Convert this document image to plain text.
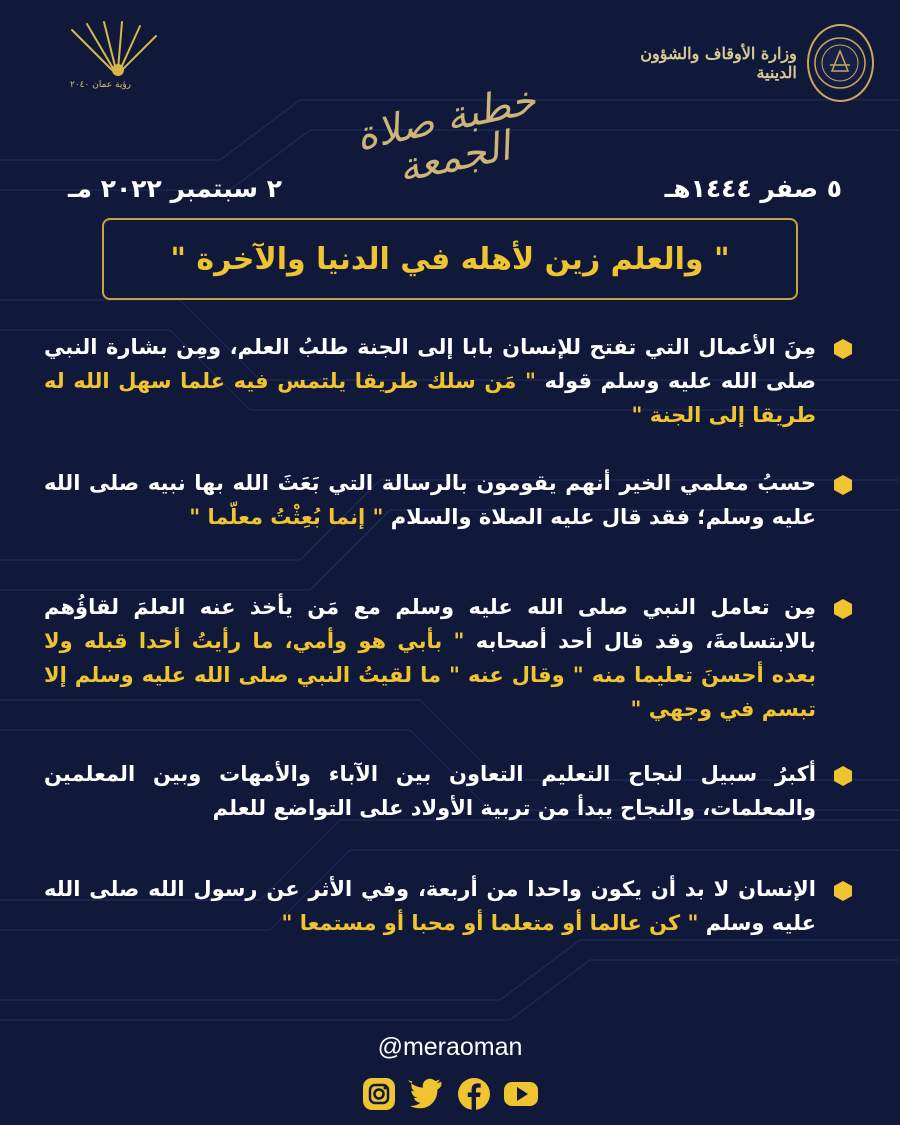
وزارة الأوقاف والشؤون الدينية
رؤية عمان ٢٠٤٠	خطبة صلاة الجمعة	٥ صفر ١٤٤٤هـ
٢ سبتمبر ٢٠٢٢ مـ
" والعلم زين لأهله في الدنيا والآخرة "
مِنَ الأعمال التي تفتح للإنسان بابا إلى الجنة طلبُ العلم، ومِن بشارة النبي صلى الله عليه وسلم قوله " مَن سلك طريقا يلتمس فيه علما سهل الله له طريقا إلى الجنة "
حسبُ معلمي الخير أنهم يقومون بالرسالة التي بَعَثَ الله بها نبيه صلى الله عليه وسلم؛ فقد قال عليه الصلاة والسلام " إنما بُعِثْتُ معلّما "
مِن تعامل النبي صلى الله عليه وسلم مع مَن يأخذ عنه العلمَ لقاؤُهم بالابتسامةَ، وقد قال أحد أصحابه " بأبي هو وأمي، ما رأيتُ أحدا قبله ولا بعده أحسنَ تعليما منه " وقال عنه " ما لقيتُ النبي صلى الله عليه وسلم إلا تبسم في وجهي "
أكبرُ سبيل لنجاح التعليم التعاون بين الآباء والأمهات وبين المعلمين والمعلمات، والنجاح يبدأ من تربية الأولاد على التواضع للعلم
الإنسان لا بد أن يكون واحدا من أربعة، وفي الأثر عن رسول الله صلى الله عليه وسلم " كن عالما أو متعلما أو محبا أو مستمعا "
@meraoman
